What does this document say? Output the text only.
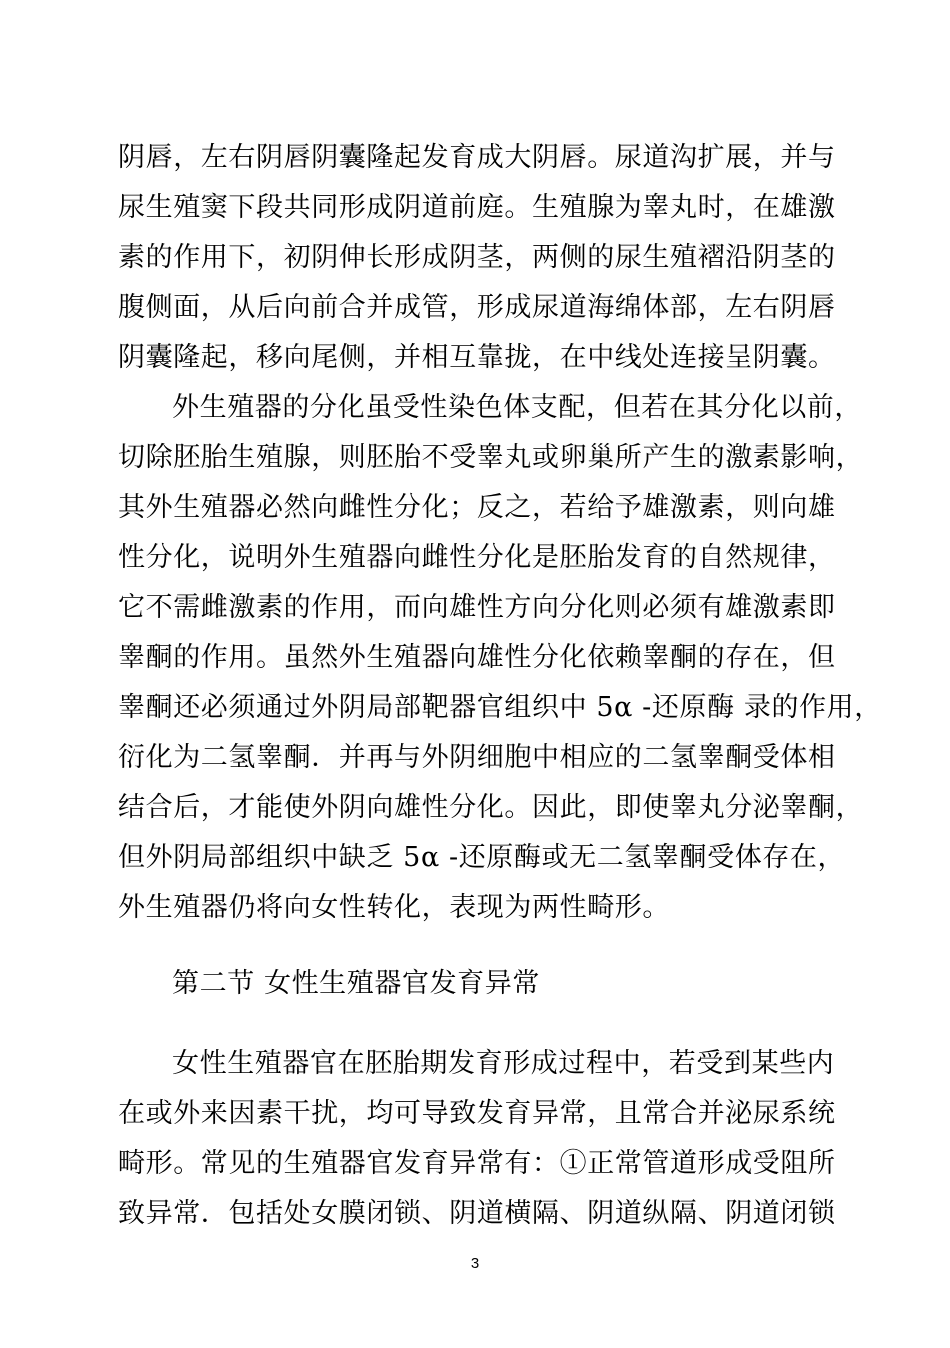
阴唇，左右阴唇阴囊隆起发育成大阴唇。尿道沟扩展，并与
尿生殖窦下段共同形成阴道前庭。生殖腺为睾丸时，在雄激
素的作用下，初阴伸长形成阴茎，两侧的尿生殖褶沿阴茎的
腹侧面，从后向前合并成管，形成尿道海绵体部，左右阴唇
阴囊隆起，移向尾侧，并相互靠拢，在中线处连接呈阴囊。
外生殖器的分化虽受性染色体支配，但若在其分化以前，
切除胚胎生殖腺，则胚胎不受睾丸或卵巢所产生的激素影响，
其外生殖器必然向雌性分化；反之，若给予雄激素，则向雄
性分化，说明外生殖器向雌性分化是胚胎发育的自然规律，
它不需雌激素的作用，而向雄性方向分化则必须有雄激素即
睾酮的作用。虽然外生殖器向雄性分化依赖睾酮的存在，但
睾酮还必须通过外阴局部靶器官组织中 5α -还原酶 录的作用，
衍化为二氢睾酮．并再与外阴细胞中相应的二氢睾酮受体相
结合后，才能使外阴向雄性分化。因此，即使睾丸分泌睾酮，
但外阴局部组织中缺乏 5α -还原酶或无二氢睾酮受体存在，
外生殖器仍将向女性转化，表现为两性畸形。
第二节 女性生殖器官发育异常
女性生殖器官在胚胎期发育形成过程中，若受到某些内
在或外来因素干扰，均可导致发育异常，且常合并泌尿系统
畸形。常见的生殖器官发育异常有：①正常管道形成受阻所
致异常．包括处女膜闭锁、阴道横隔、阴道纵隔、阴道闭锁
3
